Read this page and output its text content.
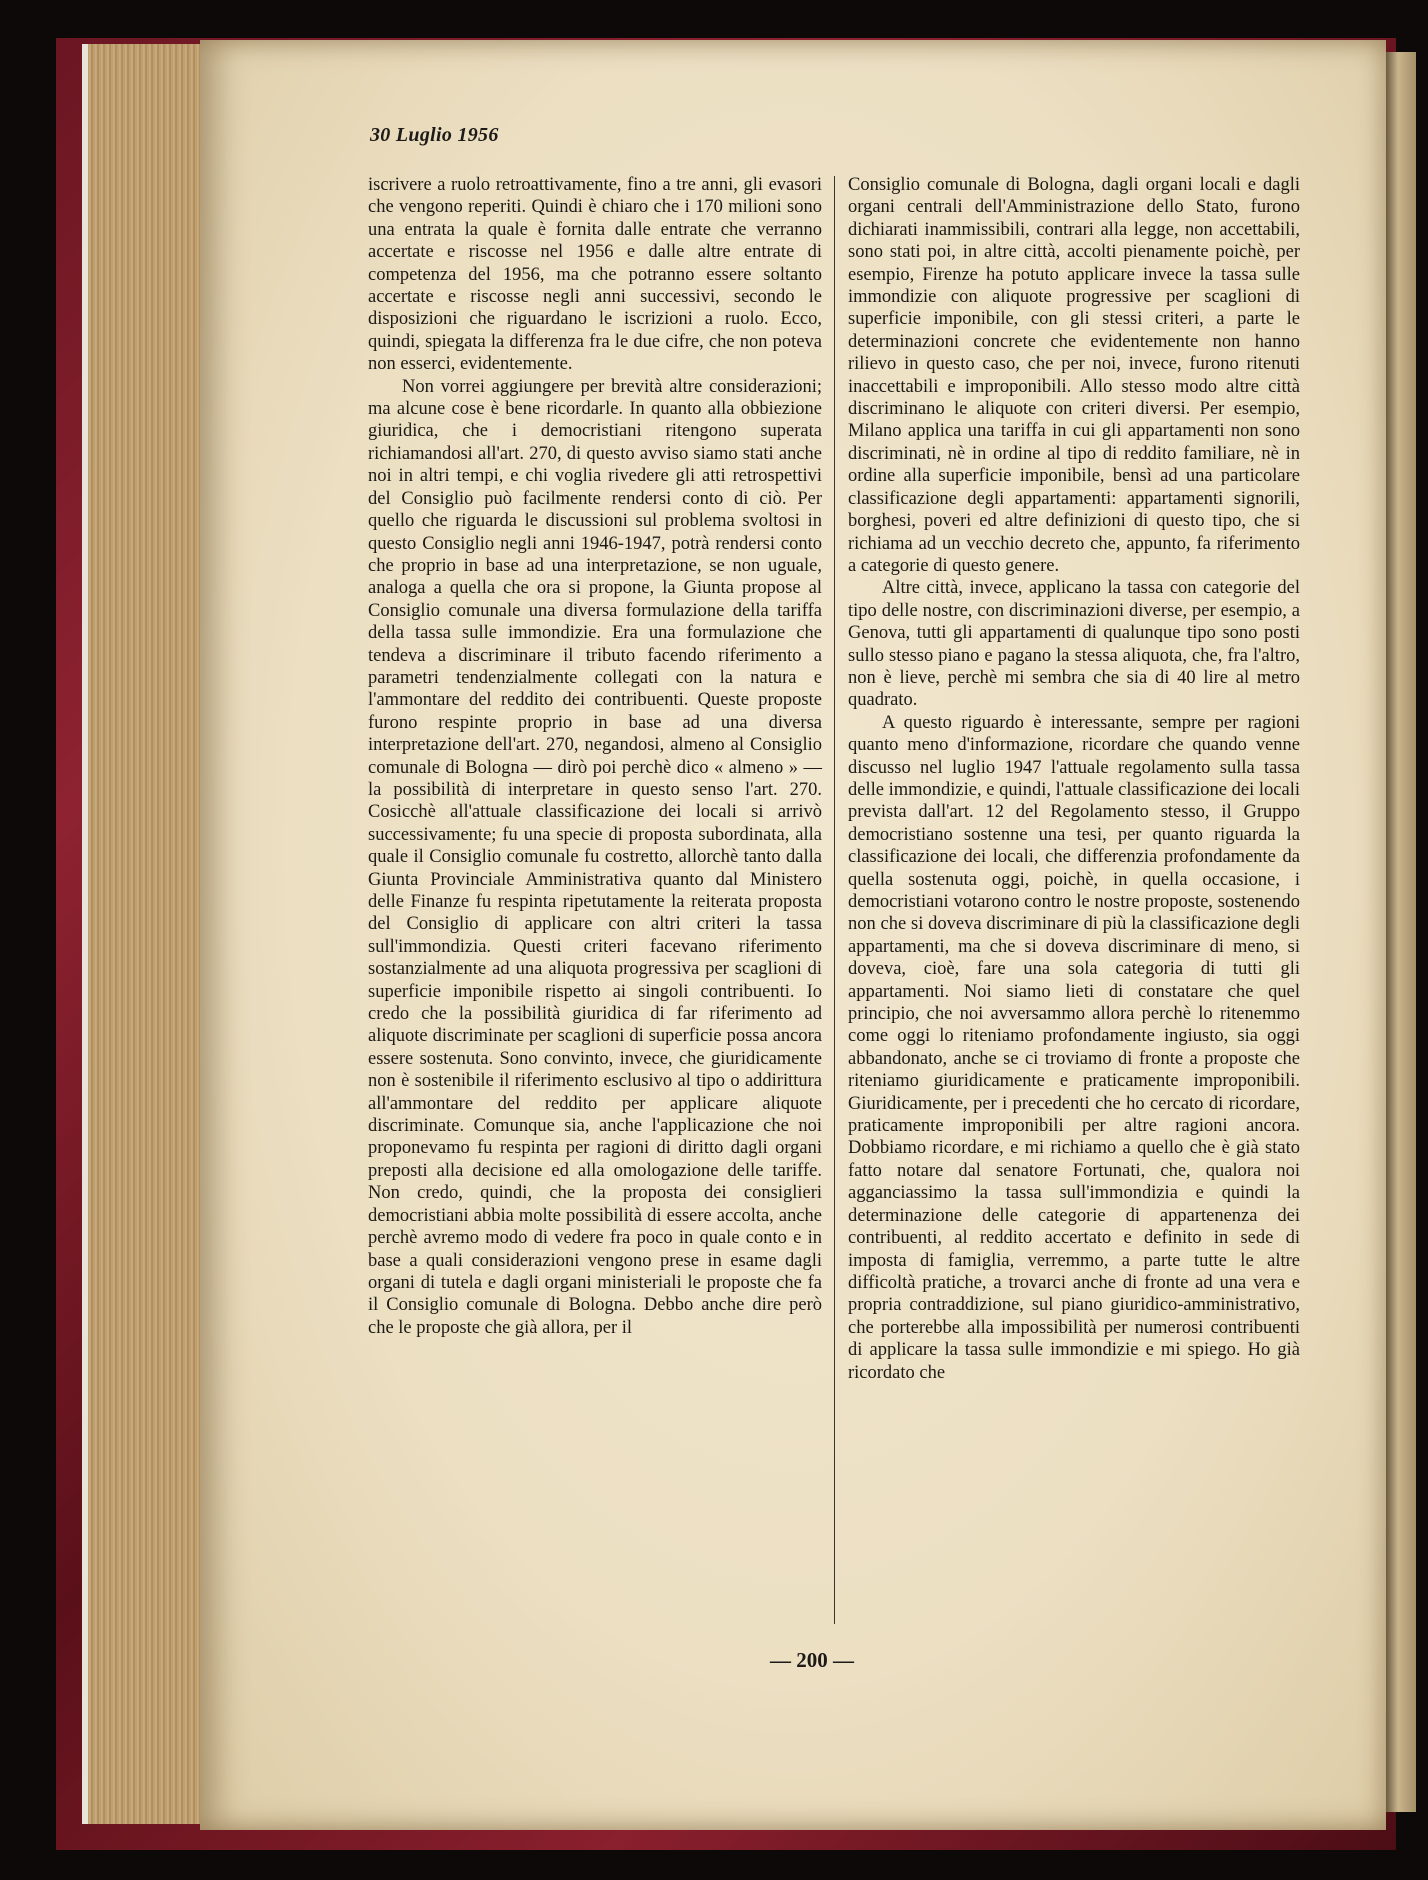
30 Luglio 1956

iscrivere a ruolo retroattivamente, fino a tre anni, gli evasori che vengono reperiti. Quindi è chiaro che i 170 milioni sono una entrata la quale è fornita dalle entrate che verranno accertate e riscosse nel 1956 e dalle altre entrate di competenza del 1956, ma che potranno essere soltanto accertate e riscosse negli anni successivi, secondo le disposizioni che riguardano le iscrizioni a ruolo. Ecco, quindi, spiegata la differenza fra le due cifre, che non poteva non esserci, evidentemente.

Non vorrei aggiungere per brevità altre considerazioni; ma alcune cose è bene ricordarle. In quanto alla obbiezione giuridica, che i democristiani ritengono superata richiamandosi all'art. 270, di questo avviso siamo stati anche noi in altri tempi, e chi voglia rivedere gli atti retrospettivi del Consiglio può facilmente rendersi conto di ciò. Per quello che riguarda le discussioni sul problema svoltosi in questo Consiglio negli anni 1946-1947, potrà rendersi conto che proprio in base ad una interpretazione, se non uguale, analoga a quella che ora si propone, la Giunta propose al Consiglio comunale una diversa formulazione della tariffa della tassa sulle immondizie. Era una formulazione che tendeva a discriminare il tributo facendo riferimento a parametri tendenzialmente collegati con la natura e l'ammontare del reddito dei contribuenti. Queste proposte furono respinte proprio in base ad una diversa interpretazione dell'art. 270, negandosi, almeno al Consiglio comunale di Bologna — dirò poi perchè dico « almeno » — la possibilità di interpretare in questo senso l'art. 270. Cosicchè all'attuale classificazione dei locali si arrivò successivamente; fu una specie di proposta subordinata, alla quale il Consiglio comunale fu costretto, allorchè tanto dalla Giunta Provinciale Amministrativa quanto dal Ministero delle Finanze fu respinta ripetutamente la reiterata proposta del Consiglio di applicare con altri criteri la tassa sull'immondizia. Questi criteri facevano riferimento sostanzialmente ad una aliquota progressiva per scaglioni di superficie imponibile rispetto ai singoli contribuenti. Io credo che la possibilità giuridica di far riferimento ad aliquote discriminate per scaglioni di superficie possa ancora essere sostenuta. Sono convinto, invece, che giuridicamente non è sostenibile il riferimento esclusivo al tipo o addirittura all'ammontare del reddito per applicare aliquote discriminate. Comunque sia, anche l'applicazione che noi proponevamo fu respinta per ragioni di diritto dagli organi preposti alla decisione ed alla omologazione delle tariffe. Non credo, quindi, che la proposta dei consiglieri democristiani abbia molte possibilità di essere accolta, anche perchè avremo modo di vedere fra poco in quale conto e in base a quali considerazioni vengono prese in esame dagli organi di tutela e dagli organi ministeriali le proposte che fa il Consiglio comunale di Bologna. Debbo anche dire però che le proposte che già allora, per il

Consiglio comunale di Bologna, dagli organi locali e dagli organi centrali dell'Amministrazione dello Stato, furono dichiarati inammissibili, contrari alla legge, non accettabili, sono stati poi, in altre città, accolti pienamente poichè, per esempio, Firenze ha potuto applicare invece la tassa sulle immondizie con aliquote progressive per scaglioni di superficie imponibile, con gli stessi criteri, a parte le determinazioni concrete che evidentemente non hanno rilievo in questo caso, che per noi, invece, furono ritenuti inaccettabili e improponibili. Allo stesso modo altre città discriminano le aliquote con criteri diversi. Per esempio, Milano applica una tariffa in cui gli appartamenti non sono discriminati, nè in ordine al tipo di reddito familiare, nè in ordine alla superficie imponibile, bensì ad una particolare classificazione degli appartamenti: appartamenti signorili, borghesi, poveri ed altre definizioni di questo tipo, che si richiama ad un vecchio decreto che, appunto, fa riferimento a categorie di questo genere.

Altre città, invece, applicano la tassa con categorie del tipo delle nostre, con discriminazioni diverse, per esempio, a Genova, tutti gli appartamenti di qualunque tipo sono posti sullo stesso piano e pagano la stessa aliquota, che, fra l'altro, non è lieve, perchè mi sembra che sia di 40 lire al metro quadrato.

A questo riguardo è interessante, sempre per ragioni quanto meno d'informazione, ricordare che quando venne discusso nel luglio 1947 l'attuale regolamento sulla tassa delle immondizie, e quindi, l'attuale classificazione dei locali prevista dall'art. 12 del Regolamento stesso, il Gruppo democristiano sostenne una tesi, per quanto riguarda la classificazione dei locali, che differenzia profondamente da quella sostenuta oggi, poichè, in quella occasione, i democristiani votarono contro le nostre proposte, sostenendo non che si doveva discriminare di più la classificazione degli appartamenti, ma che si doveva discriminare di meno, si doveva, cioè, fare una sola categoria di tutti gli appartamenti. Noi siamo lieti di constatare che quel principio, che noi avversammo allora perchè lo ritenemmo come oggi lo riteniamo profondamente ingiusto, sia oggi abbandonato, anche se ci troviamo di fronte a proposte che riteniamo giuridicamente e praticamente improponibili. Giuridicamente, per i precedenti che ho cercato di ricordare, praticamente improponibili per altre ragioni ancora. Dobbiamo ricordare, e mi richiamo a quello che è già stato fatto notare dal senatore Fortunati, che, qualora noi agganciassimo la tassa sull'immondizia e quindi la determinazione delle categorie di appartenenza dei contribuenti, al reddito accertato e definito in sede di imposta di famiglia, verremmo, a parte tutte le altre difficoltà pratiche, a trovarci anche di fronte ad una vera e propria contraddizione, sul piano giuridico-amministrativo, che porterebbe alla impossibilità per numerosi contribuenti di applicare la tassa sulle immondizie e mi spiego. Ho già ricordato che

— 200 —
